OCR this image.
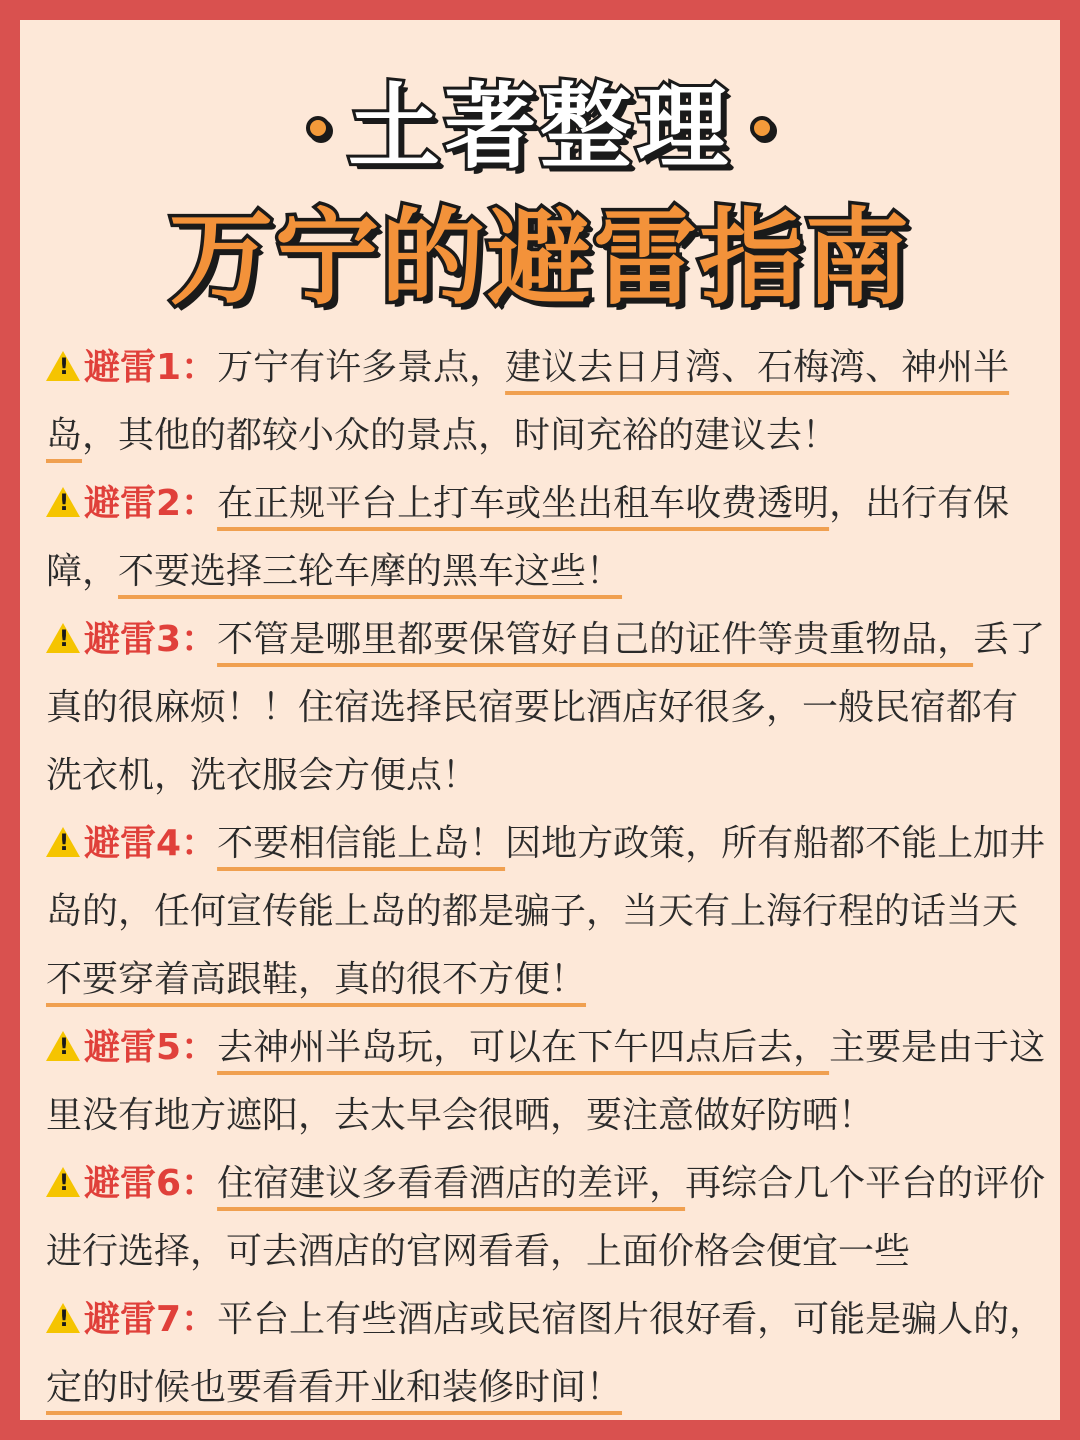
土著整理
万宁的避雷指南
!避雷1：万宁有许多景点，建议去日月湾、石梅湾、神州半岛，其他的都较小众的景点，时间充裕的建议去！
!避雷2：在正规平台上打车或坐出租车收费透明，出行有保障，不要选择三轮车摩的黑车这些！
!避雷3：不管是哪里都要保管好自己的证件等贵重物品，丢了真的很麻烦！！住宿选择民宿要比酒店好很多，一般民宿都有洗衣机，洗衣服会方便点！
!避雷4：不要相信能上岛！因地方政策，所有船都不能上加井岛的，任何宣传能上岛的都是骗子，当天有上海行程的话当天不要穿着高跟鞋，真的很不方便！
!避雷5：去神州半岛玩，可以在下午四点后去，主要是由于这里没有地方遮阳，去太早会很晒，要注意做好防晒！
!避雷6：住宿建议多看看酒店的差评，再综合几个平台的评价进行选择，可去酒店的官网看看，上面价格会便宜一些
!避雷7：平台上有些酒店或民宿图片很好看，可能是骗人的，定的时候也要看看开业和装修时间！
